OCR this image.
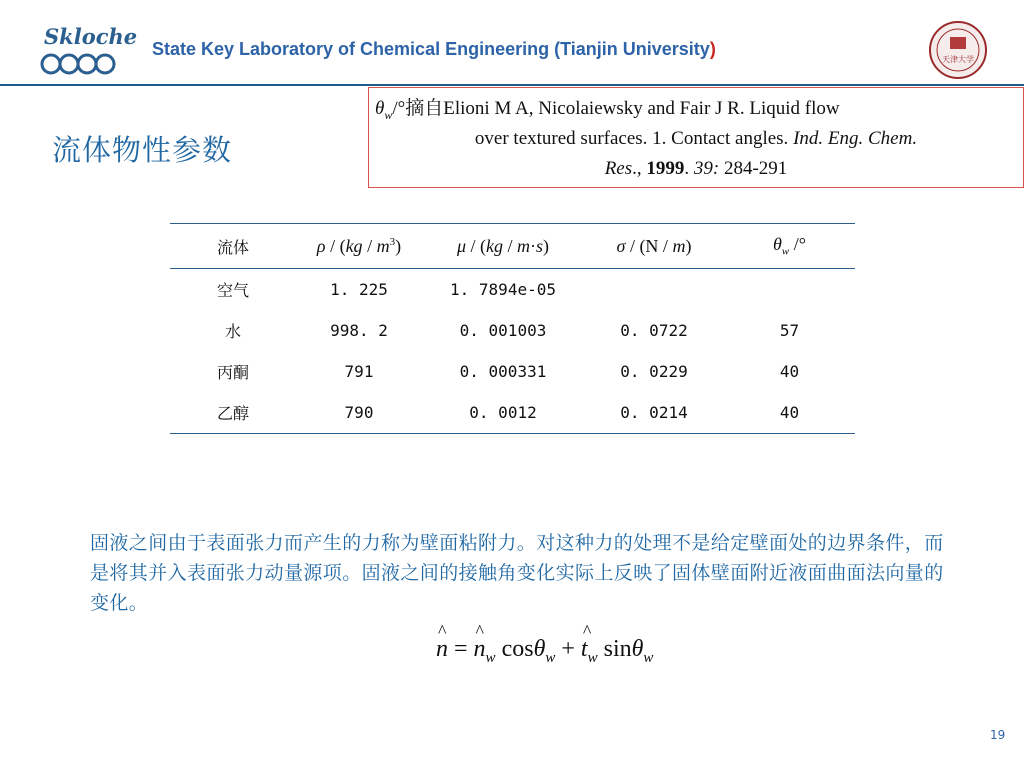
Skloche State Key Laboratory of Chemical Engineering (Tianjin University)
天津大学
流体物性参数
$\theta_w/^\circ$摘自Elioni M A, Nicolaiewsky and Fair J R. Liquid flow
over textured surfaces. 1. Contact angles. Ind. Eng. Chem.
Res., 1999. 39: 284-291
流体	ρ / $(kg / m^3)$	μ / (kg / m·s)	σ / (N / m)	$\theta_w$ /°
空气	1. 225	1. 7894e-05		
水	998. 2	0. 001003	0. 0722	57
丙酮	791	0. 000331	0. 0229	40
乙醇	790	0. 0012	0. 0214	40
固液之间由于表面张力而产生的力称为壁面粘附力。对这种力的处理不是给定壁面处的边界条件，而是将其并入表面张力动量源项。固液之间的接触角变化实际上反映了固体壁面附近液面曲面法向量的变化。
^ n = ^ $n_w$ cosθ$_w$ + ^ $t_w$ sinθ$_w$
19
